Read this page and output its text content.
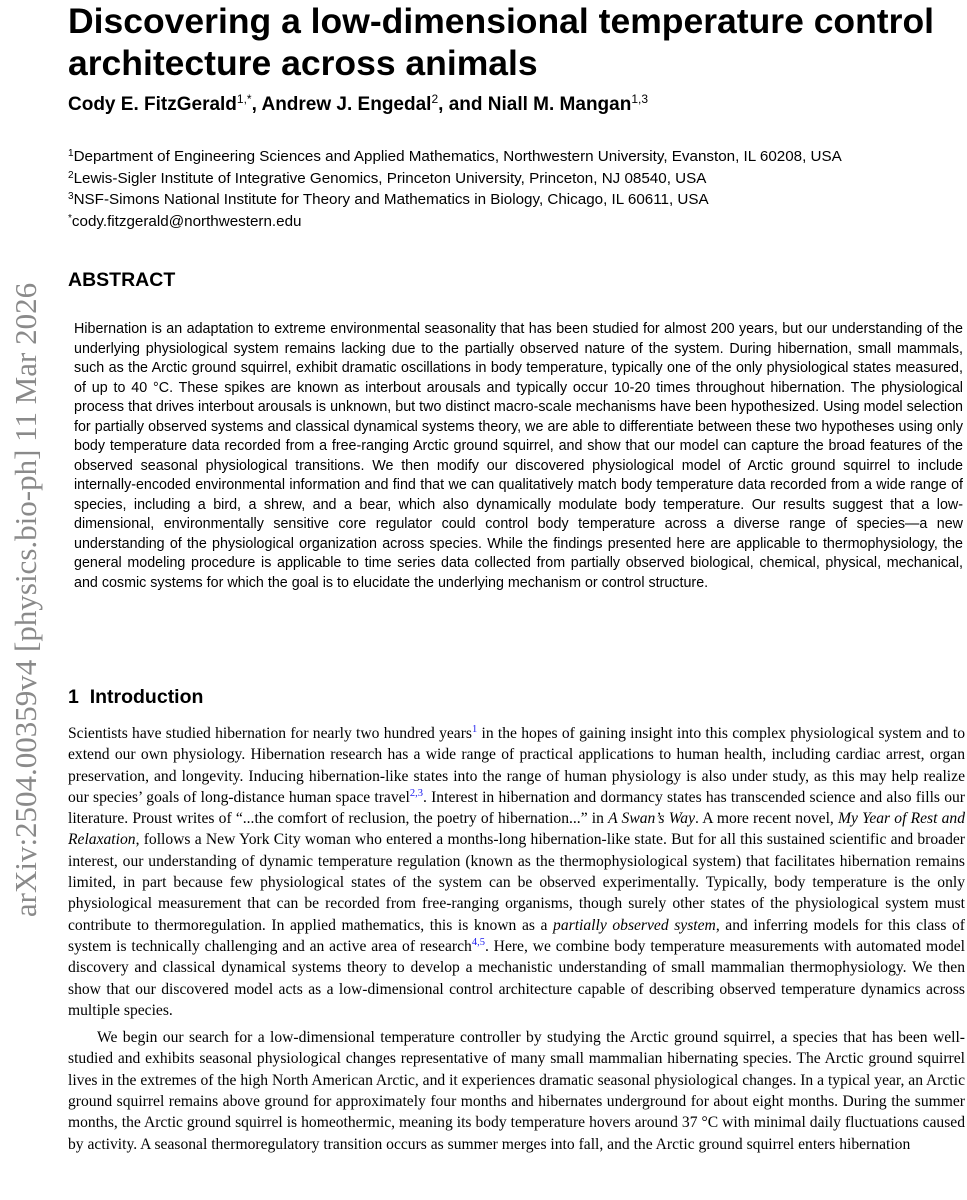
arXiv:2504.00359v4 [physics.bio-ph] 11 Mar 2026
Discovering a low-dimensional temperature control architecture across animals
Cody E. FitzGerald$^{1,*}$, Andrew J. Engedal$^2$, and Niall M. Mangan$^{1,3}$
$^1$Department of Engineering Sciences and Applied Mathematics, Northwestern University, Evanston, IL 60208, USA
$^2$Lewis-Sigler Institute of Integrative Genomics, Princeton University, Princeton, NJ 08540, USA
$^3$NSF-Simons National Institute for Theory and Mathematics in Biology, Chicago, IL 60611, USA
*cody.fitzgerald@northwestern.edu
ABSTRACT

Hibernation is an adaptation to extreme environmental seasonality that has been studied for almost 200 years, but our understanding of the underlying physiological system remains lacking due to the partially observed nature of the system. During hibernation, small mammals, such as the Arctic ground squirrel, exhibit dramatic oscillations in body temperature, typically one of the only physiological states measured, of up to 40 °C. These spikes are known as interbout arousals and typically occur 10-20 times throughout hibernation. The physiological process that drives interbout arousals is unknown, but two distinct macro-scale mechanisms have been hypothesized. Using model selection for partially observed systems and classical dynamical systems theory, we are able to differentiate between these two hypotheses using only body temperature data recorded from a free-ranging Arctic ground squirrel, and show that our model can capture the broad features of the observed seasonal physiological transitions. We then modify our discovered physiological model of Arctic ground squirrel to include internally-encoded environmental information and find that we can qualitatively match body temperature data recorded from a wide range of species, including a bird, a shrew, and a bear, which also dynamically modulate body temperature. Our results suggest that a low-dimensional, environmentally sensitive core regulator could control body temperature across a diverse range of species—a new understanding of the physiological organization across species. While the findings presented here are applicable to thermophysiology, the general modeling procedure is applicable to time series data collected from partially observed biological, chemical, physical, mechanical, and cosmic systems for which the goal is to elucidate the underlying mechanism or control structure.

1 Introduction

Scientists have studied hibernation for nearly two hundred years$^1$ in the hopes of gaining insight into this complex physiological system and to extend our own physiology. Hibernation research has a wide range of practical applications to human health, including cardiac arrest, organ preservation, and longevity. Inducing hibernation-like states into the range of human physiology is also under study, as this may help realize our species’ goals of long-distance human space travel$^{2,3}$. Interest in hibernation and dormancy states has transcended science and also fills our literature. Proust writes of “...the comfort of reclusion, the poetry of hibernation...” in A Swan’s Way. A more recent novel, My Year of Rest and Relaxation, follows a New York City woman who entered a months-long hibernation-like state. But for all this sustained scientific and broader interest, our understanding of dynamic temperature regulation (known as the thermophysiological system) that facilitates hibernation remains limited, in part because few physiological states of the system can be observed experimentally. Typically, body temperature is the only physiological measurement that can be recorded from free-ranging organisms, though surely other states of the physiological system must contribute to thermoregulation. In applied mathematics, this is known as a partially observed system, and inferring models for this class of system is technically challenging and an active area of research$^{4,5}$. Here, we combine body temperature measurements with automated model discovery and classical dynamical systems theory to develop a mechanistic understanding of small mammalian thermophysiology. We then show that our discovered model acts as a low-dimensional control architecture capable of describing observed temperature dynamics across multiple species.

We begin our search for a low-dimensional temperature controller by studying the Arctic ground squirrel, a species that has been well-studied and exhibits seasonal physiological changes representative of many small mammalian hibernating species. The Arctic ground squirrel lives in the extremes of the high North American Arctic, and it experiences dramatic seasonal physiological changes. In a typical year, an Arctic ground squirrel remains above ground for approximately four months and hibernates underground for about eight months. During the summer months, the Arctic ground squirrel is homeothermic, meaning its body temperature hovers around 37 °C with minimal daily fluctuations caused by activity. A seasonal thermoregulatory transition occurs as summer merges into fall, and the Arctic ground squirrel enters hibernation
